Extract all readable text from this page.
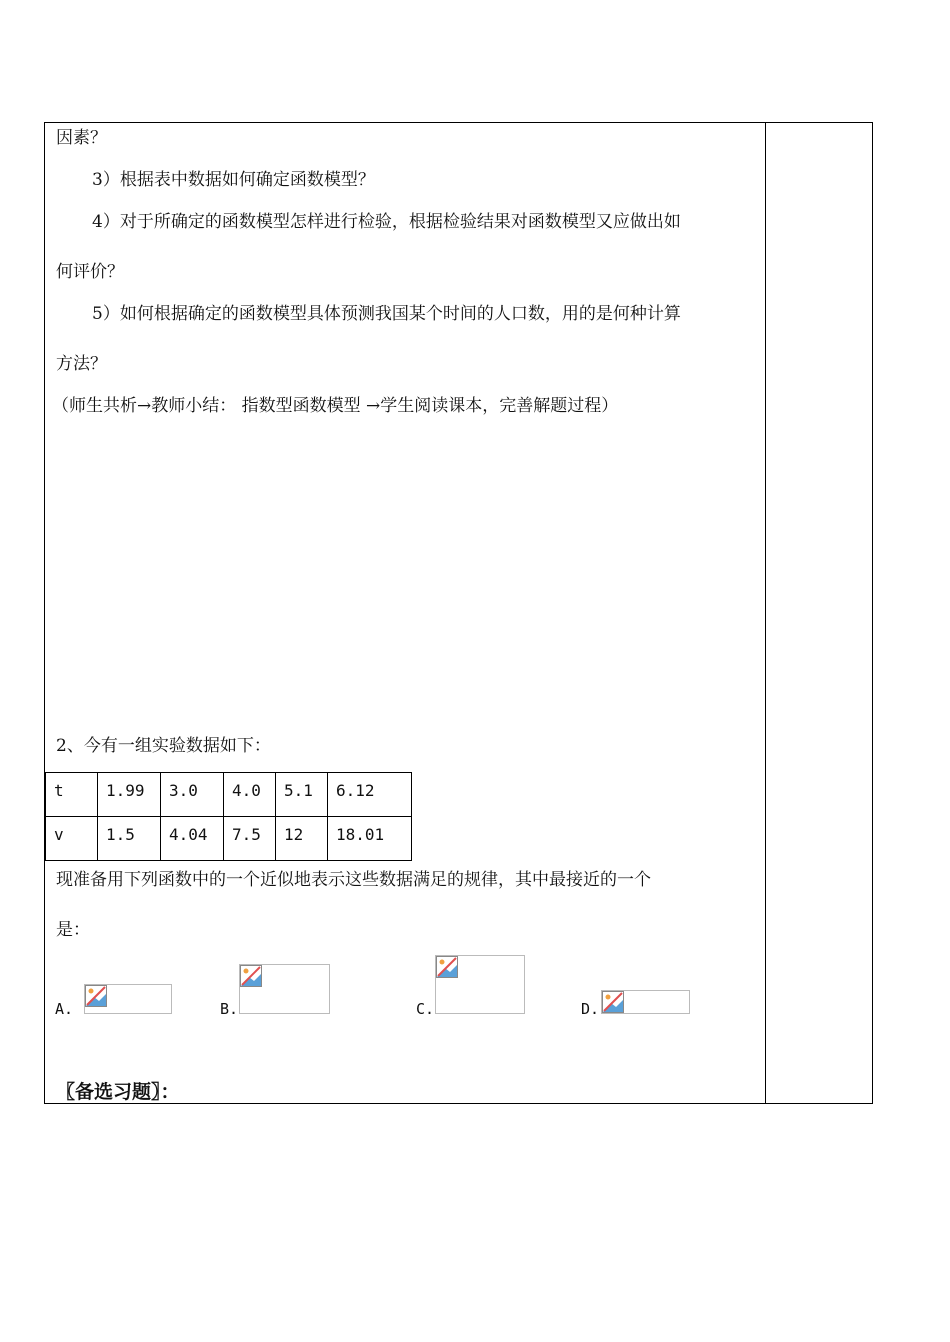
因素？
3）根据表中数据如何确定函数模型？
4）对于所确定的函数模型怎样进行检验，根据检验结果对函数模型又应做出如
何评价？
5）如何根据确定的函数模型具体预测我国某个时间的人口数，用的是何种计算
方法？
（师生共析→教师小结： 指数型函数模型 →学生阅读课本，完善解题过程）
2、今有一组实验数据如下：
t	1.99	3.0	4.0	5.1	6.12
v	1.5	4.04	7.5	12	18.01
现准备用下列函数中的一个近似地表示这些数据满足的规律，其中最接近的一个
是：
A.	B.	C.	D.
〖备选习题〗：
